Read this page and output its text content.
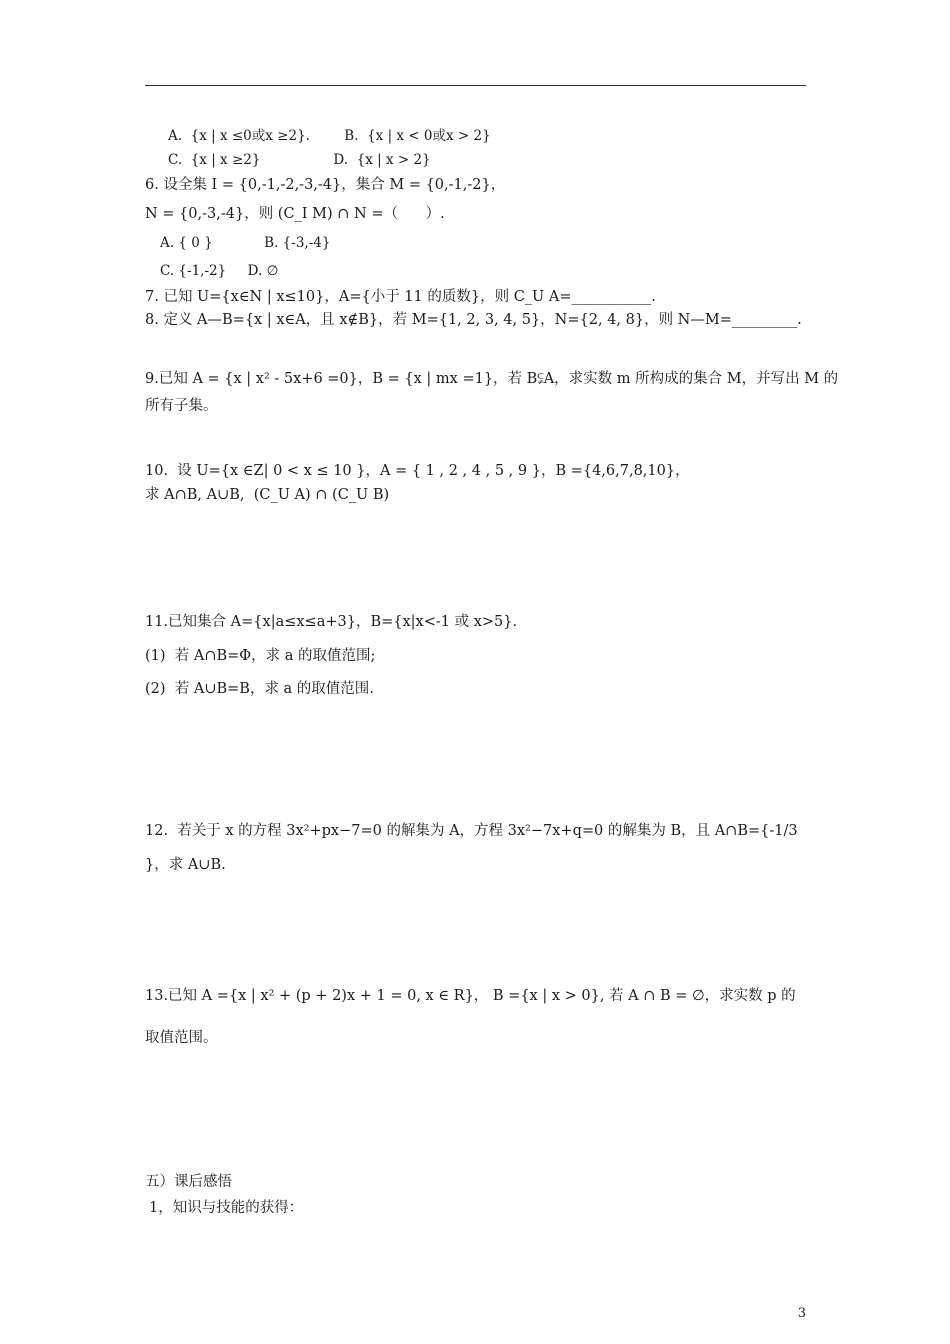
A.  {x | x ≤0或x ≥2}.        B.  {x | x < 0或x > 2}
C.  {x | x ≥2}                 D.  {x | x > 2}
6. 设全集 I = {0,-1,-2,-3,-4}，集合 M = {0,-1,-2}，
N = {0,-3,-4}，则 (C_I M) ∩ N =（      ）.
A. { 0 }            B. {-3,-4}
C. {-1,-2}     D. ∅
7. 已知 U={x∈N | x≤10}，A={小于 11 的质数}，则 C_U A=___________.
8. 定义 A—B={x | x∈A，且 x∉B}，若 M={1, 2, 3, 4, 5}，N={2, 4, 8}，则 N—M=_________.
9.已知 A = {x | x² - 5x+6 =0}，B = {x | mx =1}，若 B⫋A，求实数 m 所构成的集合 M，并写出 M 的
所有子集。
10.  设 U={x ∈Z| 0 < x ≤ 10 }，A = { 1 , 2 , 4 , 5 , 9 }，B ={4,6,7,8,10}，
求 A∩B, A∪B,  (C_U A) ∩ (C_U B)
11.已知集合 A={x|a≤x≤a+3}，B={x|x<-1 或 x>5}.
(1)  若 A∩B=Φ，求 a 的取值范围;
(2)  若 A∪B=B，求 a 的取值范围.
12.  若关于 x 的方程 3x²+px−7=0 的解集为 A，方程 3x²−7x+q=0 的解集为 B，且 A∩B={-1/3
}，求 A∪B.
13.已知 A ={x | x² + (p + 2)x + 1 = 0, x ∈ R}， B ={x | x > 0}, 若 A ∩ B = ∅，求实数 p 的
取值范围。
五）课后感悟
1，知识与技能的获得：
3
